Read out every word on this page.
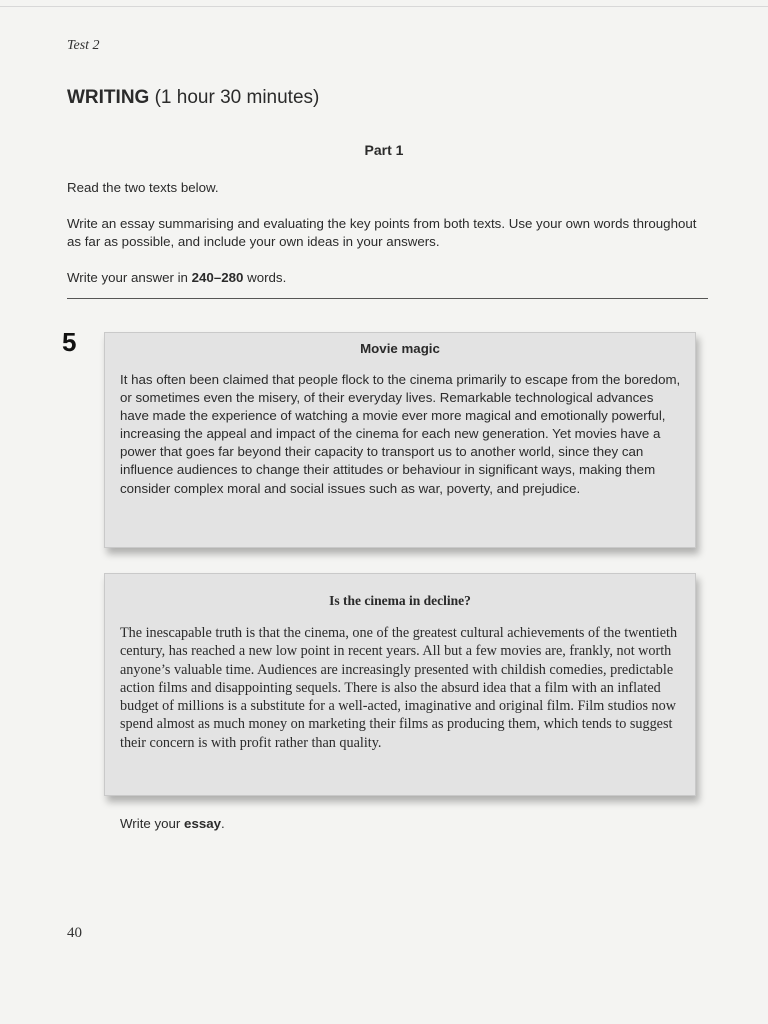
Test 2
WRITING (1 hour 30 minutes)
Part 1
Read the two texts below.
Write an essay summarising and evaluating the key points from both texts. Use your own words throughout as far as possible, and include your own ideas in your answers.
Write your answer in 240–280 words.
5	Movie magic
It has often been claimed that people flock to the cinema primarily to escape from the boredom, or sometimes even the misery, of their everyday lives. Remarkable technological advances have made the experience of watching a movie ever more magical and emotionally powerful, increasing the appeal and impact of the cinema for each new generation. Yet movies have a power that goes far beyond their capacity to transport us to another world, since they can influence audiences to change their attitudes or behaviour in significant ways, making them consider complex moral and social issues such as war, poverty, and prejudice.
Is the cinema in decline?
The inescapable truth is that the cinema, one of the greatest cultural achievements of the twentieth century, has reached a new low point in recent years. All but a few movies are, frankly, not worth anyone’s valuable time. Audiences are increasingly presented with childish comedies, predictable action films and disappointing sequels. There is also the absurd idea that a film with an inflated budget of millions is a substitute for a well-acted, imaginative and original film. Film studios now spend almost as much money on marketing their films as producing them, which tends to suggest their concern is with profit rather than quality.
Write your essay.
40
